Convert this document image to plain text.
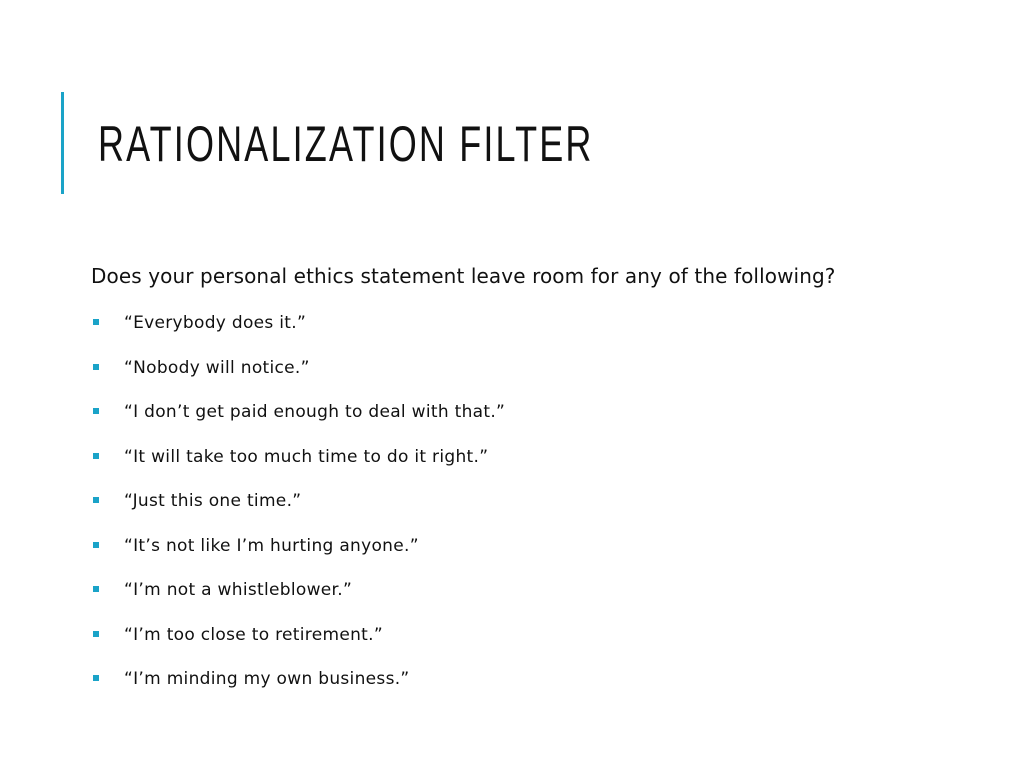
RATIONALIZATION FILTER

Does your personal ethics statement leave room for any of the following?

“Everybody does it.”
“Nobody will notice.”
“I don’t get paid enough to deal with that.”
“It will take too much time to do it right.”
“Just this one time.”
“It’s not like I’m hurting anyone.”
“I’m not a whistleblower.”
“I’m too close to retirement.”
“I’m minding my own business.”
